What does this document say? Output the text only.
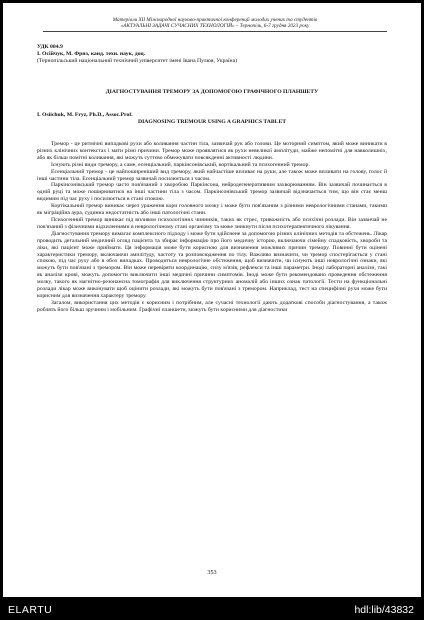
Матеріали XII Міжнародної науково-практичної конференції молодих учених та студентів
«АКТУАЛЬНІ ЗАДАЧІ СУЧАСНИХ ТЕХНОЛОГІЙ» – Тернопіль, 6-7 грудня 2023 року
УДК 004.9
І. Осійчук, М. Фриз, канд. техн. наук, доц.
(Тернопільський національний технічний університет імені Івана Пулюя, Україна)
ДІАГНОСТУВАННЯ ТРЕМОРУ ЗА ДОПОМОГОЮ ГРАФІЧНОГО ПЛАНШЕТУ
I. Osiichuk, M. Fryz, Ph.D., Assoc.Prof.
DIAGNOSING TREMOUR USING A GRAPHICS TABLET

Тремор - це ритмічні випадкові рухи або коливання частин тіла, зазвичай рук або голови. Це моторний симптом, який може виникати в різних клінічних контекстах і мати різні причини. Тремор може проявлятися як рухи невеликої амплітуди, майже непомітні для навколишніх, або як більш помітні коливання, які можуть суттєво обмежувати повсякденні активності людини.

Існують різні види тремору, а саме, есенціальний, паркінсонівський, кортікальний та психогенний тремор.

Есенціальний тремор - це найпоширеніший вид тремору, який найчастіше впливає на руки, але також може впливати на голову, голос й інші частини тіла. Есенціальний тремор зазвичай посилюється з часом.

Паркінсонівський тремор часто пов'язаний з хворобою Паркінсона, нейродегенеративним захворюванням. Він зазвичай починається в одній руці та може поширюватися на інші частини тіла з часом. Паркінсонівський тремор зазвичай відзначається тим, що він стає менш видимим під час руху і посилюється в стані спокою.

Кортікальний тремор виникає через ураження кори головного мозку і може бути пов'язаним з різними неврологічними станами, такими як мігрáційна аура, судинна недостатність або інші патологічні стани.

Психогенний тремор виникає під впливом психологічних чинників, таких як стрес, тривожність або психічні розлади. Він зазвичай не пов'язаний з фізичними відхиленнями в неврологічному стані організму та може зникнути після психотерапевтичного лікування.

Діагностування тремору вимагає комплексного підходу і може бути здійснене за допомогою різних клінічних методів та обстежень. Лікар проводить детальний медичний огляд пацієнта та збирає інформацію про його медичну історію, включаючи сімейну спадковість, хвороби та ліки, які пацієнт може приймати. Ця інформація може бути корисною для визначення можливих причин тремору. Повинні бути оцінені характеристики тремору, включаючи амплітуду, частоту та розповсюдження по тілу. Важливо визначити, чи тремор спостерігається у стані спокою, під час руху або в обох випадках. Проводиться неврологічне обстеження, щоб визначити, чи існують інші неврологічні ознаки, які можуть бути пов'язані з тремором. Він може перевіряти координацію, силу м'язів, рефлекси та інші параметри. Іноді лабораторні аналізи, такі як аналізи крові, можуть допомогти виключити інші медичні причини симптомів. Іноді може бути рекомендовано проведення обстеження мозку, такого як магнітно-резонансна томографія для виключення структурних аномалій або інших ознак патології. Тести на функціональні розлади лікар може виконувати щоб оцінити розлади, які можуть бути пов'язані з тремором. Наприклад, тест на специфічні рухи може бути корисним для визначення характеру тремору.

Загалом, використання цих методів є корисним і потрібним, але сучасні технології дають додаткові способи діагностування, а також роблять його більш зручним і мобільним. Графічні планшети, можуть бути корисними для діагностики

353
ELARTU	hdl:lib/43832
